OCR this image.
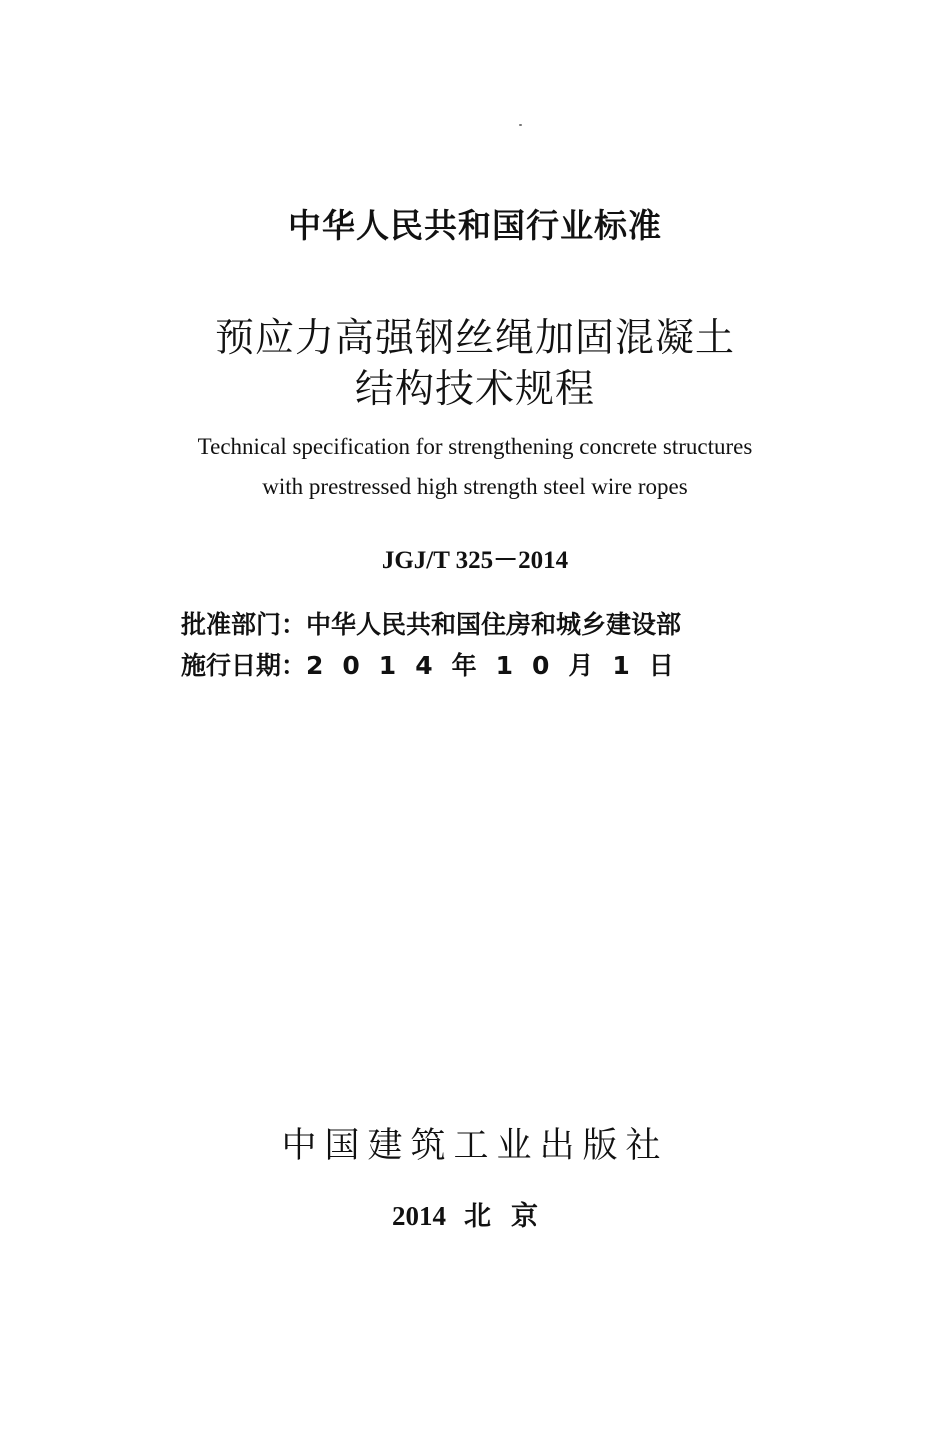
中华人民共和国行业标准
预应力高强钢丝绳加固混凝土
结构技术规程
Technical specification for strengthening concrete structures
with prestressed high strength steel wire ropes
JGJ/T 325－2014
批准部门：中华人民共和国住房和城乡建设部
施行日期：2014年10月1日
中国建筑工业出版社
2014 北京
